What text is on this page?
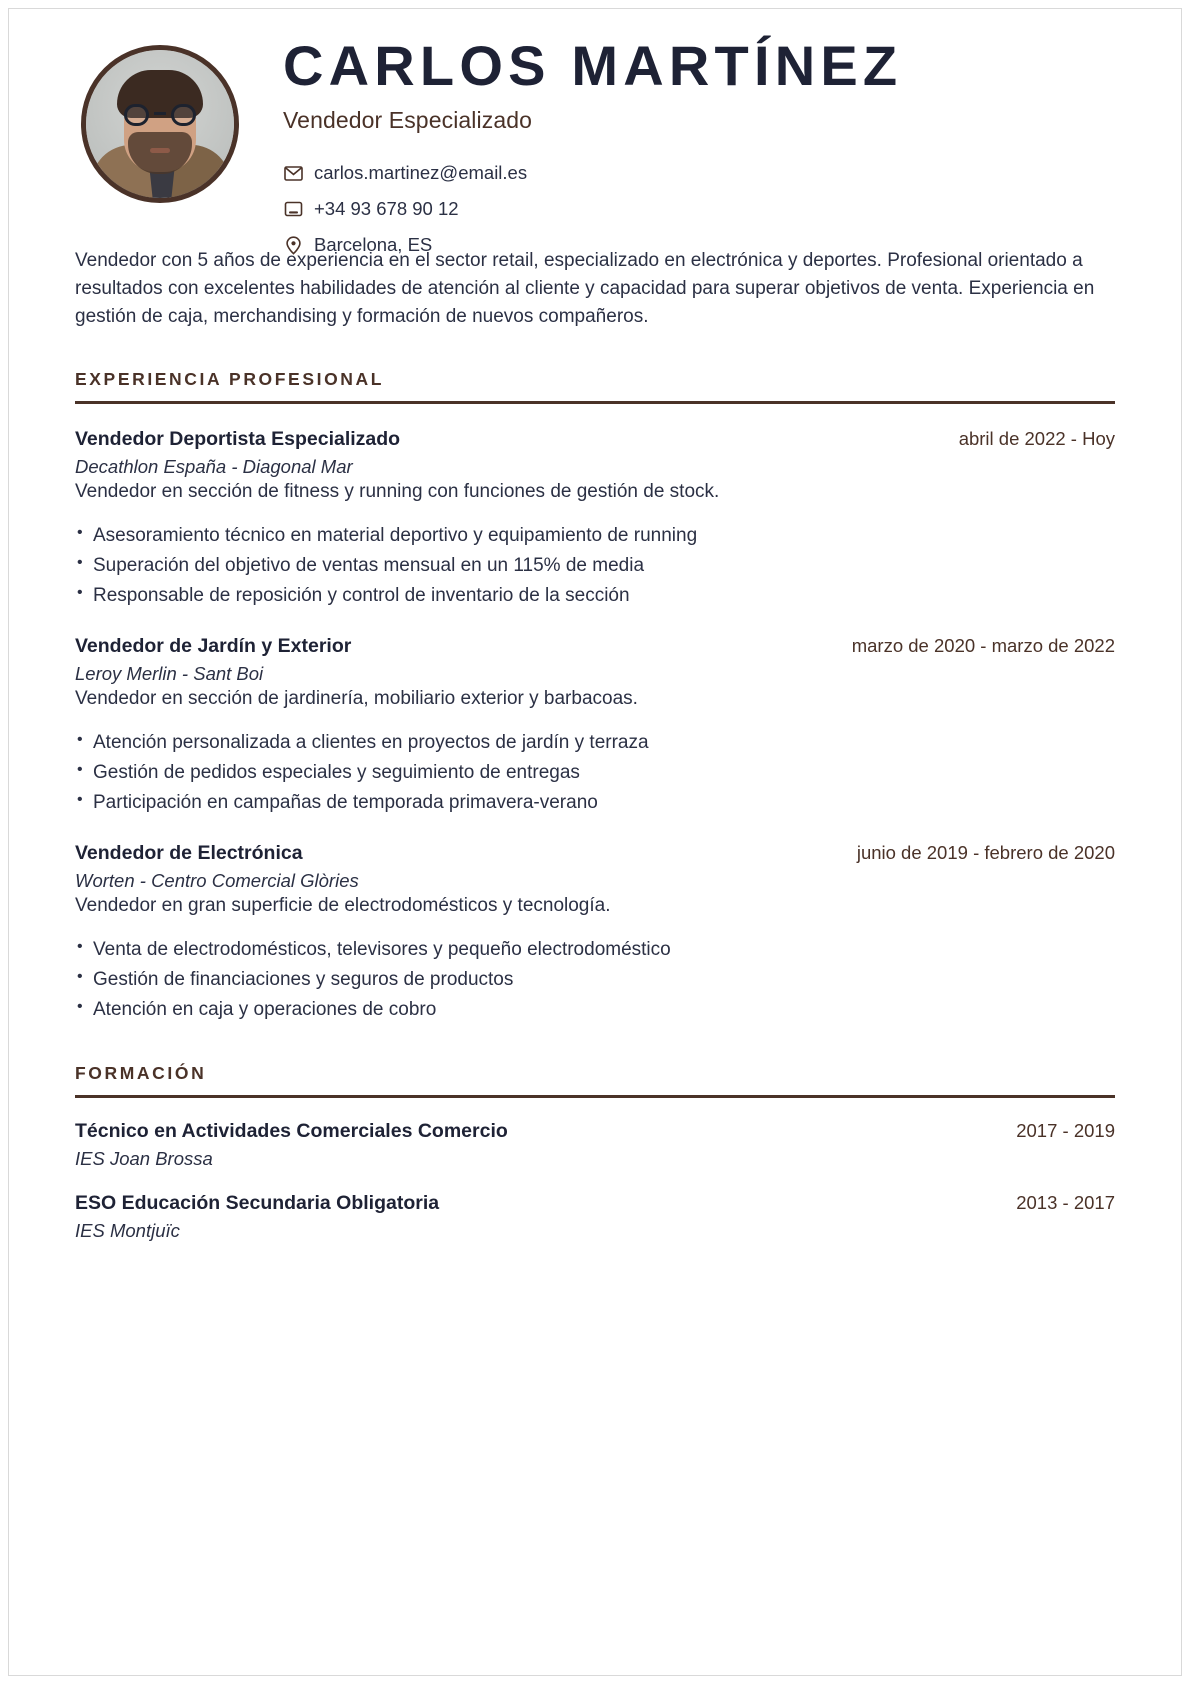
CARLOS MARTÍNEZ
Vendedor Especializado
carlos.martinez@email.es
+34 93 678 90 12
Barcelona, ES

Vendedor con 5 años de experiencia en el sector retail, especializado en electrónica y deportes. Profesional orientado a resultados con excelentes habilidades de atención al cliente y capacidad para superar objetivos de venta. Experiencia en gestión de caja, merchandising y formación de nuevos compañeros.

EXPERIENCIA PROFESIONAL
Vendedor Deportista Especializado	abril de 2022 - Hoy
Decathlon España - Diagonal Mar
Vendedor en sección de fitness y running con funciones de gestión de stock.
• Asesoramiento técnico en material deportivo y equipamiento de running
• Superación del objetivo de ventas mensual en un 115% de media
• Responsable de reposición y control de inventario de la sección
Vendedor de Jardín y Exterior	marzo de 2020 - marzo de 2022
Leroy Merlin - Sant Boi
Vendedor en sección de jardinería, mobiliario exterior y barbacoas.
• Atención personalizada a clientes en proyectos de jardín y terraza
• Gestión de pedidos especiales y seguimiento de entregas
• Participación en campañas de temporada primavera-verano
Vendedor de Electrónica	junio de 2019 - febrero de 2020
Worten - Centro Comercial Glòries
Vendedor en gran superficie de electrodomésticos y tecnología.
• Venta de electrodomésticos, televisores y pequeño electrodoméstico
• Gestión de financiaciones y seguros de productos
• Atención en caja y operaciones de cobro
FORMACIÓN
Técnico en Actividades Comerciales Comercio	2017 - 2019
IES Joan Brossa
ESO Educación Secundaria Obligatoria	2013 - 2017
IES Montjuïc
